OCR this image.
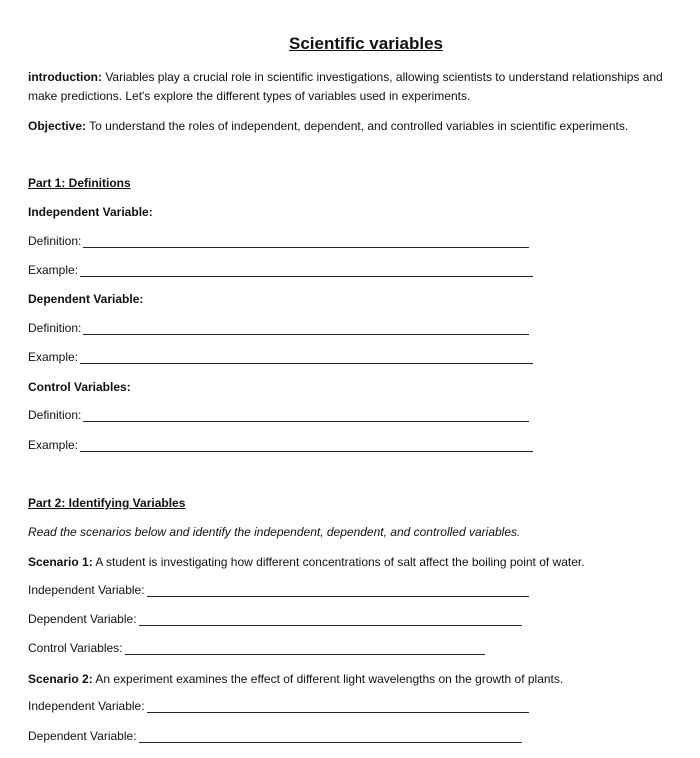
Scientific variables
introduction: Variables play a crucial role in scientific investigations, allowing scientists to understand relationships and make predictions. Let's explore the different types of variables used in experiments.
Objective: To understand the roles of independent, dependent, and controlled variables in scientific experiments.
Part 1: Definitions
Independent Variable:
Definition:
Example:
Dependent Variable:
Definition:
Example:
Control Variables:
Definition:
Example:
Part 2: Identifying Variables
Read the scenarios below and identify the independent, dependent, and controlled variables.
Scenario 1: A student is investigating how different concentrations of salt affect the boiling point of water.
Independent Variable:
Dependent Variable:
Control Variables:
Scenario 2: An experiment examines the effect of different light wavelengths on the growth of plants.
Independent Variable:
Dependent Variable:
